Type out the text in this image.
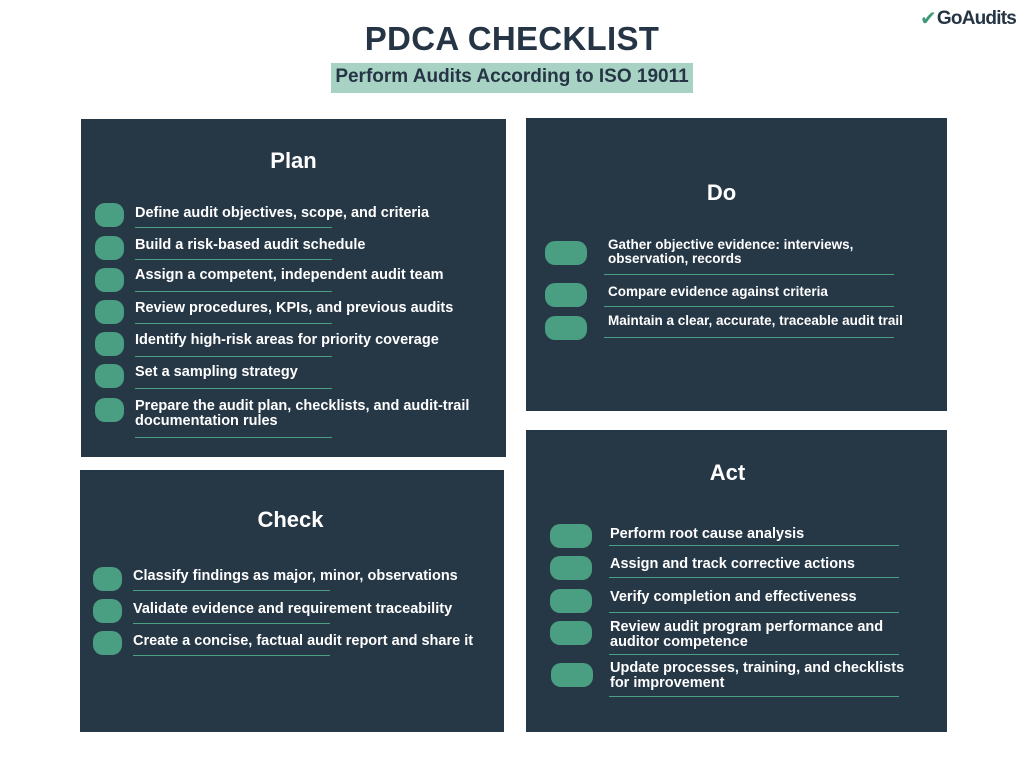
PDCA CHECKLIST
Perform Audits According to ISO 19011
✔ GoAudits
Plan
Define audit objectives, scope, and criteria
Build a risk-based audit schedule
Assign a competent, independent audit team
Review procedures, KPIs, and previous audits
Identify high-risk areas for priority coverage
Set a sampling strategy
Prepare the audit plan, checklists, and audit-trail
documentation rules
Do
Gather objective evidence: interviews,
observation, records
Compare evidence against criteria
Maintain a clear, accurate, traceable audit trail
Check
Classify findings as major, minor, observations
Validate evidence and requirement traceability
Create a concise, factual audit report and share it
Act
Perform root cause analysis
Assign and track corrective actions
Verify completion and effectiveness
Review audit program performance and
auditor competence
Update processes, training, and checklists
for improvement
